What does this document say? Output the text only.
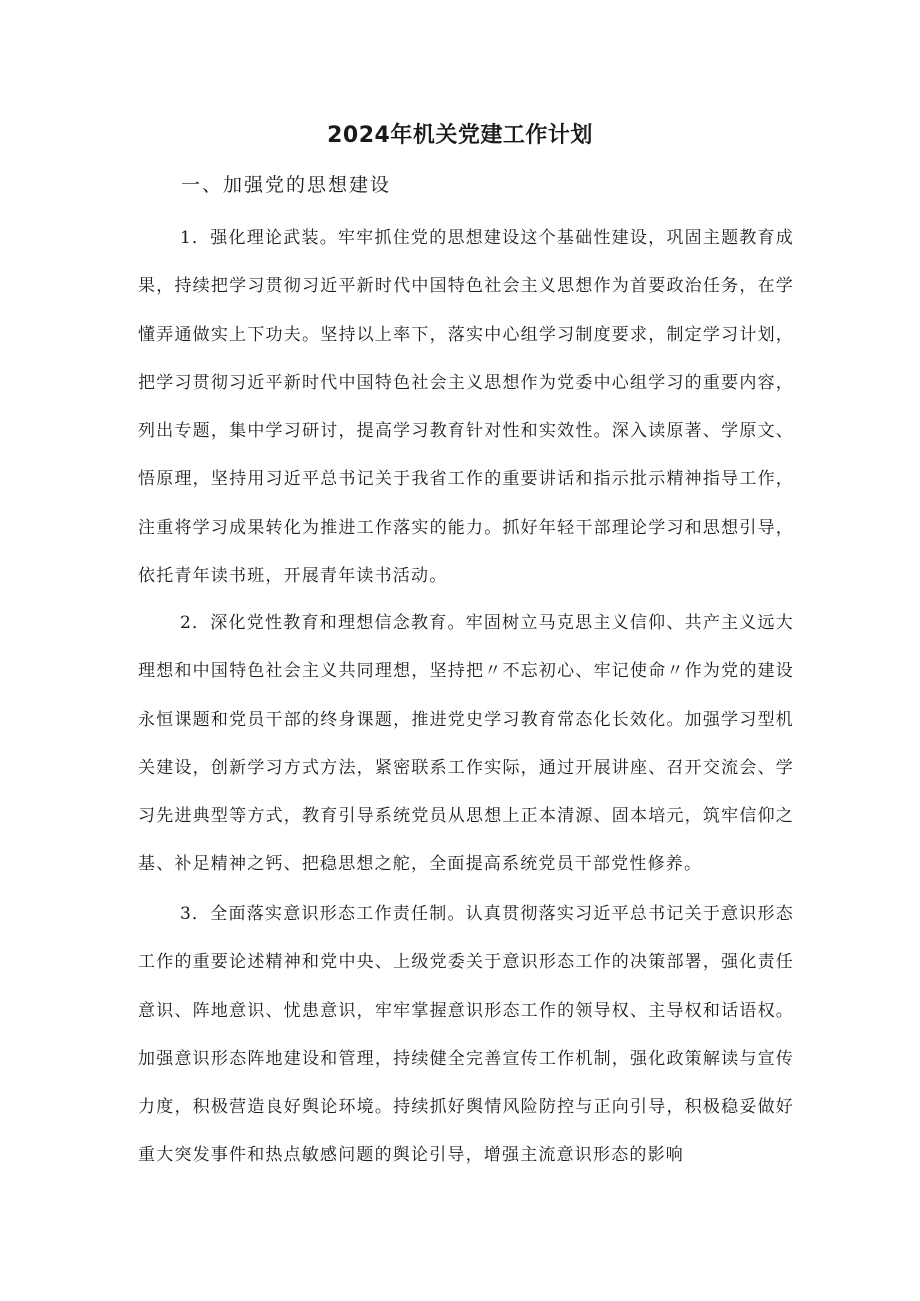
2024年机关党建工作计划
一、加强党的思想建设
1．强化理论武装。牢牢抓住党的思想建设这个基础性建设，巩固主题教育成果，持续把学习贯彻习近平新时代中国特色社会主义思想作为首要政治任务，在学懂弄通做实上下功夫。坚持以上率下，落实中心组学习制度要求，制定学习计划，把学习贯彻习近平新时代中国特色社会主义思想作为党委中心组学习的重要内容，列出专题，集中学习研讨，提高学习教育针对性和实效性。深入读原著、学原文、悟原理，坚持用习近平总书记关于我省工作的重要讲话和指示批示精神指导工作，注重将学习成果转化为推进工作落实的能力。抓好年轻干部理论学习和思想引导，依托青年读书班，开展青年读书活动。
2．深化党性教育和理想信念教育。牢固树立马克思主义信仰、共产主义远大理想和中国特色社会主义共同理想，坚持把〃不忘初心、牢记使命〃作为党的建设永恒课题和党员干部的终身课题，推进党史学习教育常态化长效化。加强学习型机关建设，创新学习方式方法，紧密联系工作实际，通过开展讲座、召开交流会、学习先进典型等方式，教育引导系统党员从思想上正本清源、固本培元，筑牢信仰之基、补足精神之钙、把稳思想之舵，全面提高系统党员干部党性修养。
3．全面落实意识形态工作责任制。认真贯彻落实习近平总书记关于意识形态工作的重要论述精神和党中央、上级党委关于意识形态工作的决策部署，强化责任意识、阵地意识、忧患意识，牢牢掌握意识形态工作的领导权、主导权和话语权。加强意识形态阵地建设和管理，持续健全完善宣传工作机制，强化政策解读与宣传力度，积极营造良好舆论环境。持续抓好舆情风险防控与正向引导，积极稳妥做好重大突发事件和热点敏感问题的舆论引导，增强主流意识形态的影响
